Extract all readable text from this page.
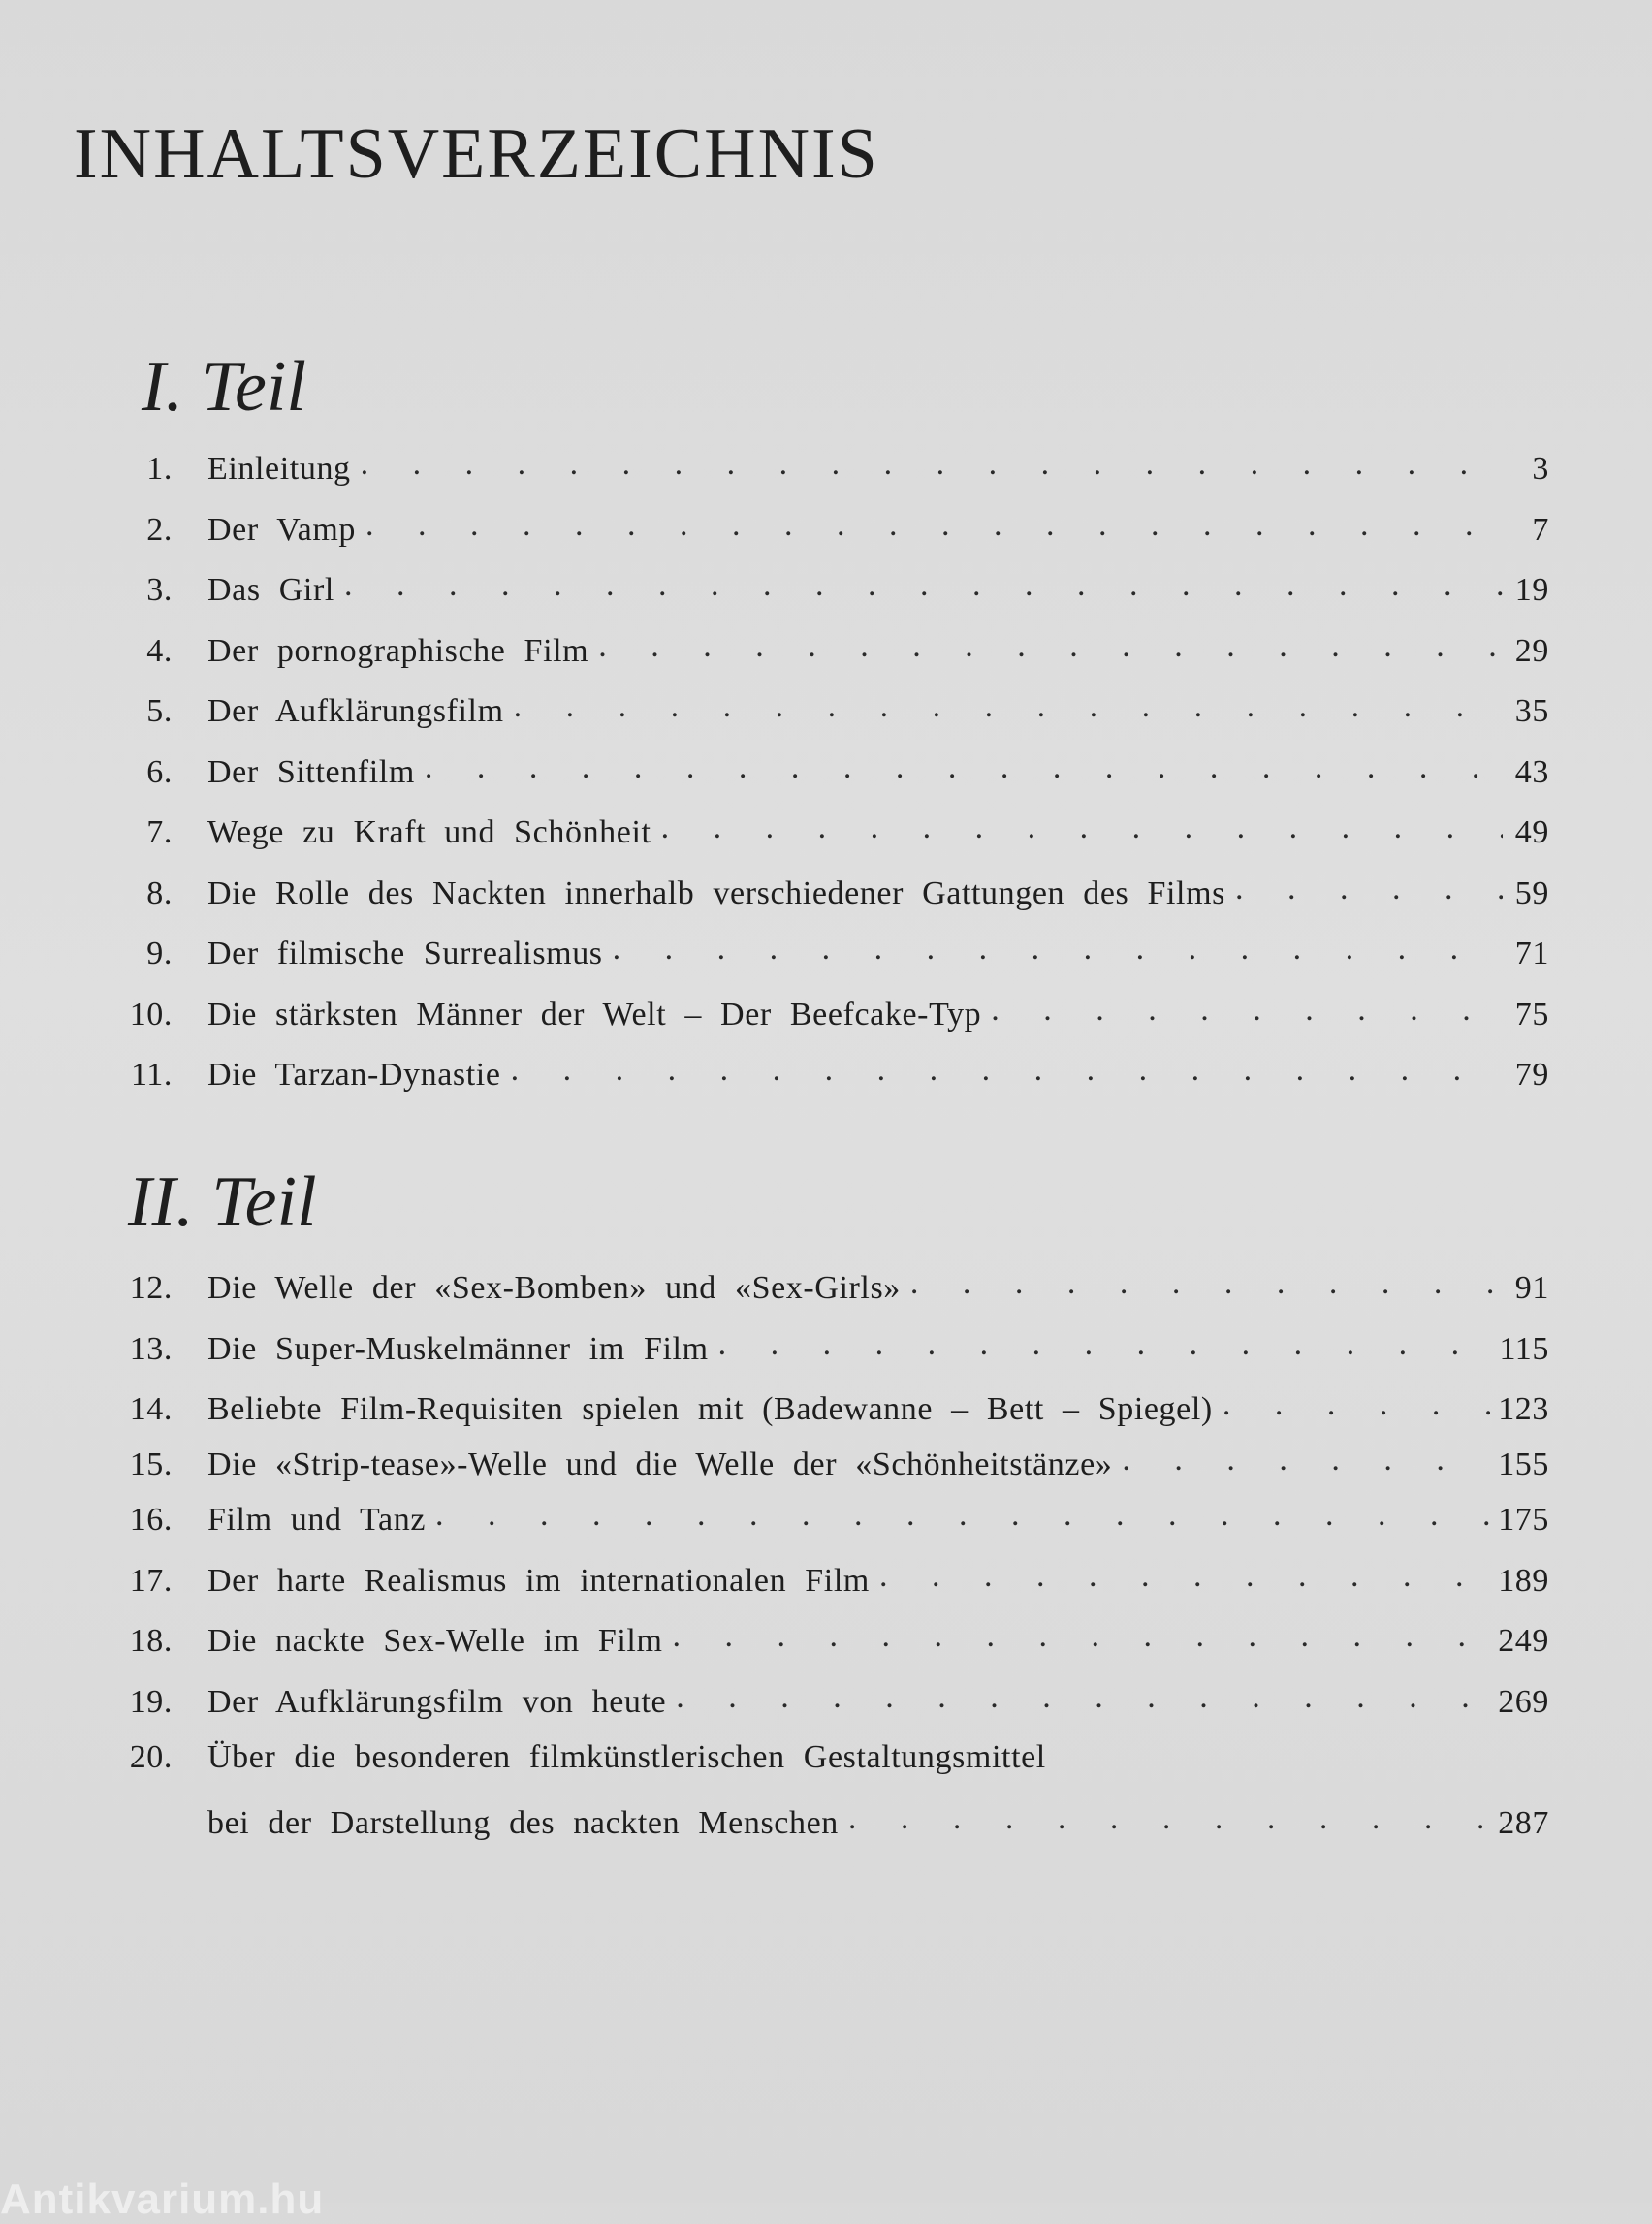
INHALTSVERZEICHNIS
I. Teil
1. Einleitung . . .	3
2. Der Vamp . . .	7
3. Das Girl . . .	19
4. Der pornographische Film . . .	29
5. Der Aufklärungsfilm . . .	35
6. Der Sittenfilm . . .	43
7. Wege zu Kraft und Schönheit . . .	49
8. Die Rolle des Nackten innerhalb verschiedener Gattungen des Films . . .	59
9. Der filmische Surrealismus . . .	71
10. Die stärksten Männer der Welt – Der Beefcake-Typ . . .	75
11. Die Tarzan-Dynastie . . .	79
II. Teil
12. Die Welle der «Sex-Bomben» und «Sex-Girls» . . .	91
13. Die Super-Muskelmänner im Film . . .	115
14. Beliebte Film-Requisiten spielen mit (Badewanne – Bett – Spiegel) . . .	123
15. Die «Strip-tease»-Welle und die Welle der «Schönheitstänze» . . .	155
16. Film und Tanz . . .	175
17. Der harte Realismus im internationalen Film . . .	189
18. Die nackte Sex-Welle im Film . . .	249
19. Der Aufklärungsfilm von heute . . .	269
20. Über die besonderen filmkünstlerischen Gestaltungsmittel
bei der Darstellung des nackten Menschen . . .	287
Antikvarium.hu
